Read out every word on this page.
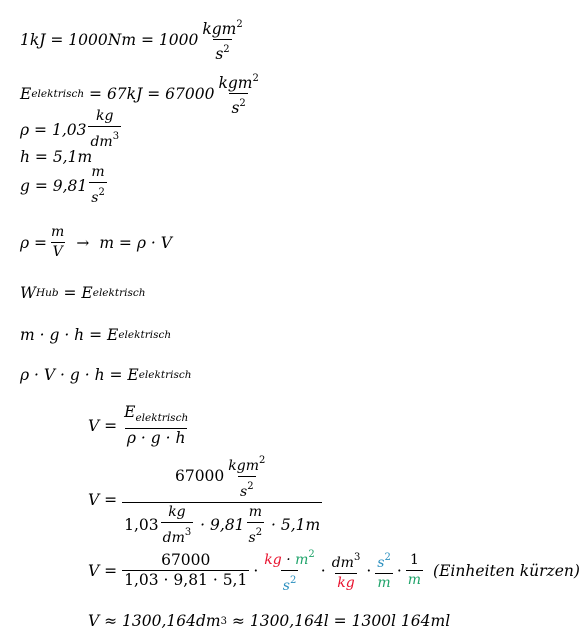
$1kJ = 1000Nm = 1000 \frac{kgm^2}{s^2}$
E elektrisch = $67kJ = 67000 \frac{kgm^2}{s^2}$
$\rho = 1,03 \frac{kg}{dm^3}$
h = 5,1m
$g = 9,81 \frac{m}{s^2}$
$\rho = \frac{m}{V} \to m = \rho \cdot V$
W Hub = E elektrisch
m · g · h = E elektrisch
ρ · V · g · h = E elektrisch
$V = \frac{E_{elektrisch}}{\rho \cdot g \cdot h}$
V =
$67000 \frac{kgm^2}{s^2}$
$1,03 \frac{kg}{dm^3} \cdot 9,81 \frac{m}{s^2} \cdot 5,1m$
$V = \frac{67000}{1,03 \cdot 9,81 \cdot 5,1} \cdot \frac{kg \cdot m^2}{s^2} \cdot \frac{dm^3}{kg} \cdot \frac{s^2}{m} \cdot \frac{1}{m}$ (Einheiten kürzen)
V ≈ 1300,164dm 3 ≈ 1300,164l = 1300l 164ml
